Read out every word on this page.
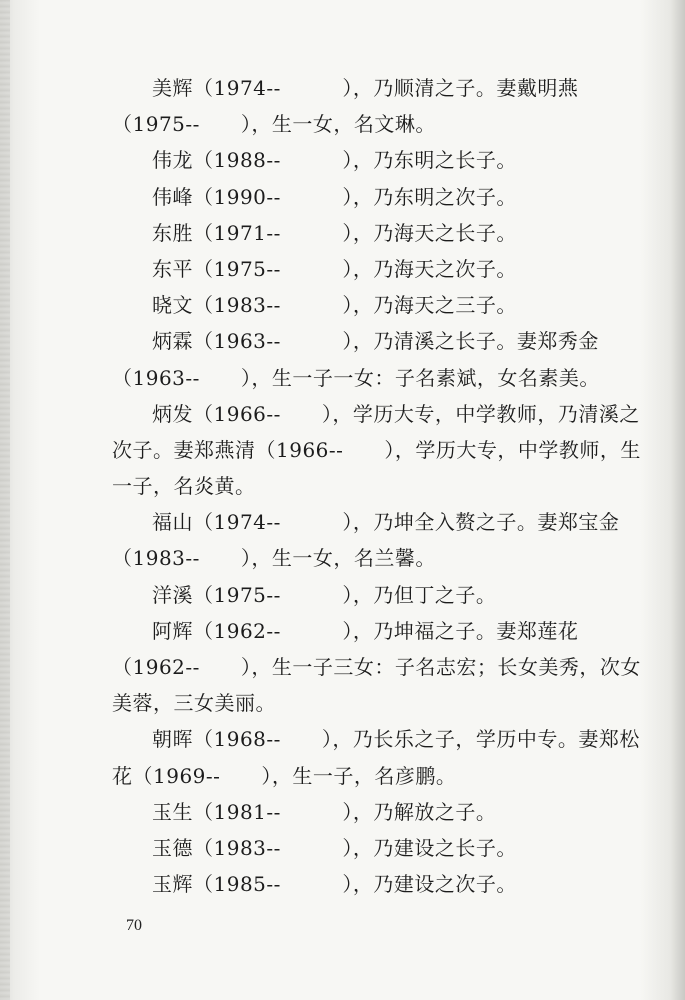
美辉（1974--　　　），乃顺清之子。妻戴明燕
（1975--　　），生一女，名文琳。
伟龙（1988--　　　），乃东明之长子。
伟峰（1990--　　　），乃东明之次子。
东胜（1971--　　　），乃海天之长子。
东平（1975--　　　），乃海天之次子。
晓文（1983--　　　），乃海天之三子。
炳霖（1963--　　　），乃清溪之长子。妻郑秀金
（1963--　　），生一子一女：子名素斌，女名素美。
炳发（1966--　　），学历大专，中学教师，乃清溪之
次子。妻郑燕清（1966--　　），学历大专，中学教师，生
一子，名炎黄。
福山（1974--　　　），乃坤全入赘之子。妻郑宝金
（1983--　　），生一女，名兰馨。
洋溪（1975--　　　），乃但丁之子。
阿辉（1962--　　　），乃坤福之子。妻郑莲花
（1962--　　），生一子三女：子名志宏；长女美秀，次女
美蓉，三女美丽。
朝晖（1968--　　），乃长乐之子，学历中专。妻郑松
花（1969--　　），生一子，名彦鹏。
玉生（1981--　　　），乃解放之子。
玉德（1983--　　　），乃建设之长子。
玉辉（1985--　　　），乃建设之次子。
70
